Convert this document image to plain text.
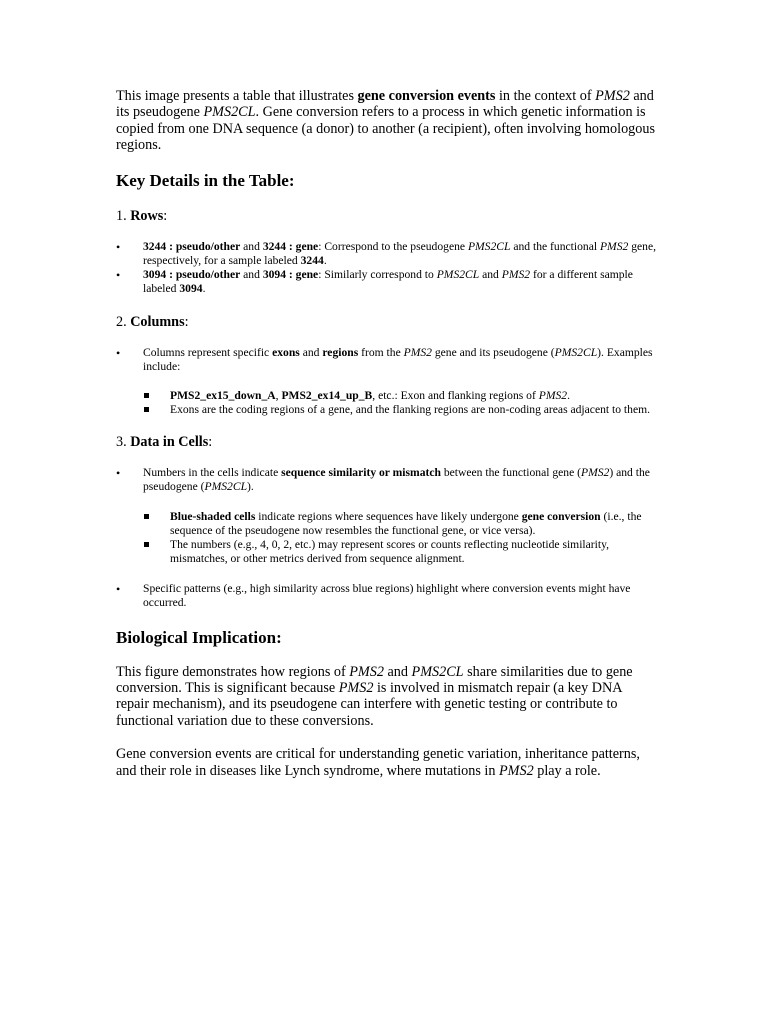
This image presents a table that illustrates gene conversion events in the context of PMS2 and its pseudogene PMS2CL. Gene conversion refers to a process in which genetic information is copied from one DNA sequence (a donor) to another (a recipient), often involving homologous regions.

Key Details in the Table:

1. Rows:

• 3244 : pseudo/other and 3244 : gene: Correspond to the pseudogene PMS2CL and the functional PMS2 gene, respectively, for a sample labeled 3244.
• 3094 : pseudo/other and 3094 : gene: Similarly correspond to PMS2CL and PMS2 for a different sample labeled 3094.

2. Columns:

• Columns represent specific exons and regions from the PMS2 gene and its pseudogene (PMS2CL). Examples include:
PMS2_ex15_down_A, PMS2_ex14_up_B, etc.: Exon and flanking regions of PMS2.
Exons are the coding regions of a gene, and the flanking regions are non-coding areas adjacent to them.

3. Data in Cells:

• Numbers in the cells indicate sequence similarity or mismatch between the functional gene (PMS2) and the pseudogene (PMS2CL).
Blue-shaded cells indicate regions where sequences have likely undergone gene conversion (i.e., the sequence of the pseudogene now resembles the functional gene, or vice versa).
The numbers (e.g., 4, 0, 2, etc.) may represent scores or counts reflecting nucleotide similarity, mismatches, or other metrics derived from sequence alignment.
• Specific patterns (e.g., high similarity across blue regions) highlight where conversion events might have occurred.
Biological Implication:

This figure demonstrates how regions of PMS2 and PMS2CL share similarities due to gene conversion. This is significant because PMS2 is involved in mismatch repair (a key DNA repair mechanism), and its pseudogene can interfere with genetic testing or contribute to functional variation due to these conversions.

Gene conversion events are critical for understanding genetic variation, inheritance patterns, and their role in diseases like Lynch syndrome, where mutations in PMS2 play a role.
